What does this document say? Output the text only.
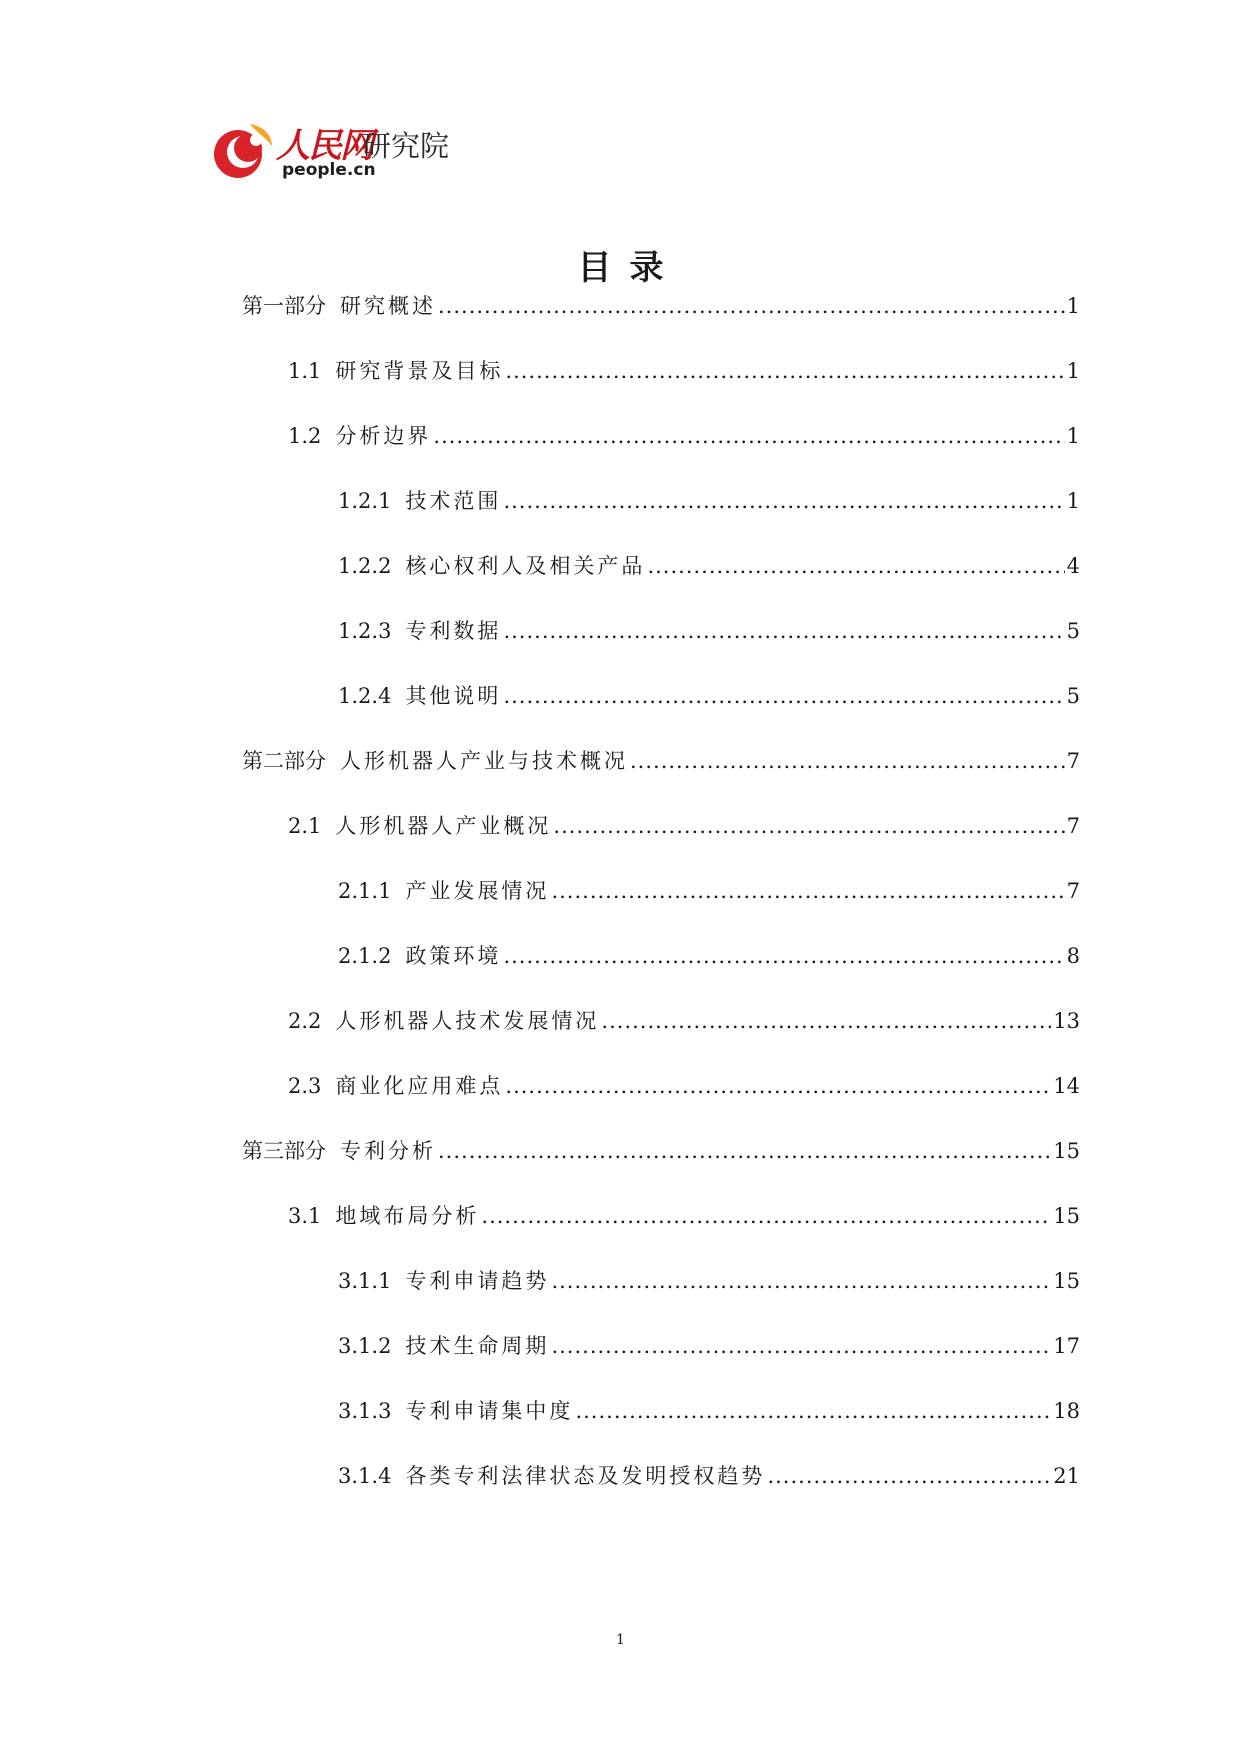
人民网
研究院
people.cn
目录
第一部分 研究概述 .....	1
1.1 研究背景及目标 .....	1
1.2 分析边界 .....	1
1.2.1 技术范围 .....	1
1.2.2 核心权利人及相关产品 .....	4
1.2.3 专利数据 .....	5
1.2.4 其他说明 .....	5
第二部分 人形机器人产业与技术概况 .....	7
2.1 人形机器人产业概况 .....	7
2.1.1 产业发展情况 .....	7
2.1.2 政策环境 .....	8
2.2 人形机器人技术发展情况 .....	13
2.3 商业化应用难点 .....	14
第三部分 专利分析 .....	15
3.1 地域布局分析 .....	15
3.1.1 专利申请趋势 .....	15
3.1.2 技术生命周期 .....	17
3.1.3 专利申请集中度 .....	18
3.1.4 各类专利法律状态及发明授权趋势 .....	21
1
